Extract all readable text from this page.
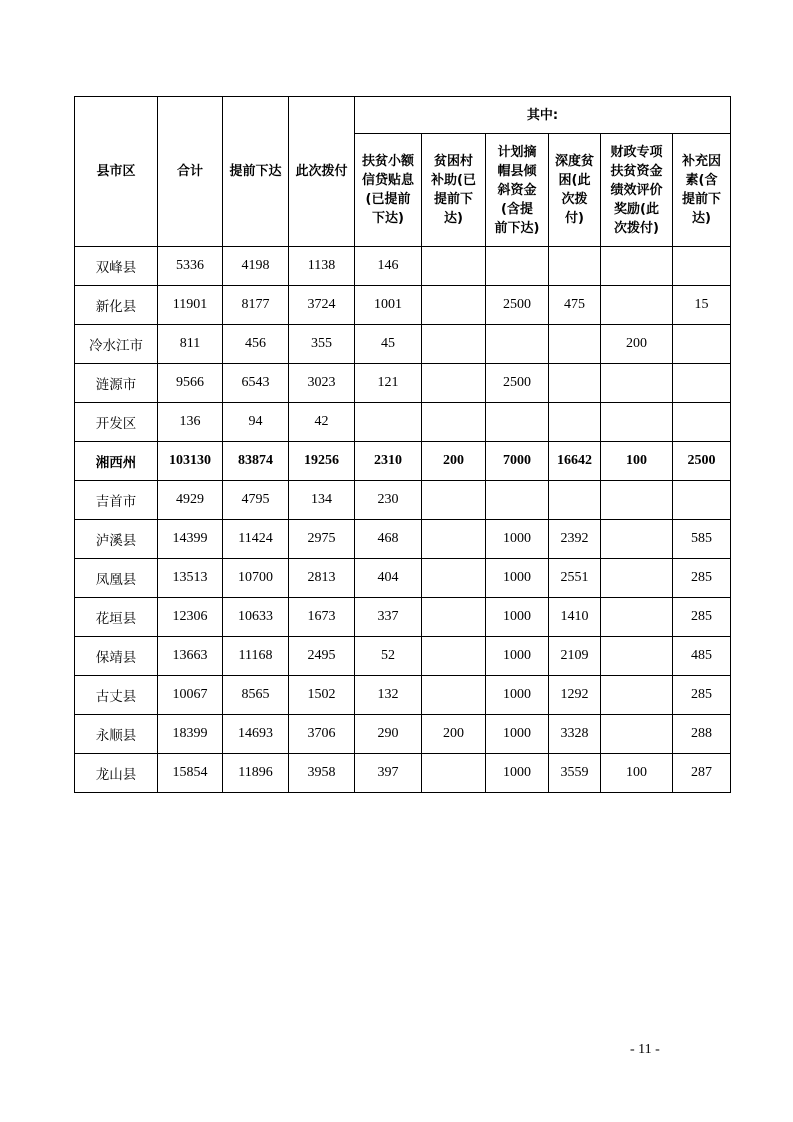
县市区	合计	提前下达	此次拨付	其中:					

				扶贫小额
信贷贴息
(已提前
下达)	贫困村
补助(已
提前下
达)	计划摘
帽县倾
斜资金
(含提
前下达)	深度贫
困(此
次拨
付)	财政专项
扶贫资金
绩效评价
奖励(此
次拨付)	补充因
素(含
提前下
达)

双峰县	5336	4198	1138	146					
新化县	11901	8177	3724	1001		2500	475		15
冷水江市	811	456	355	45				200	
涟源市	9566	6543	3023	121		2500			
开发区	136	94	42						
湘西州	103130	83874	19256	2310	200	7000	16642	100	2500
吉首市	4929	4795	134	230					
泸溪县	14399	11424	2975	468		1000	2392		585
凤凰县	13513	10700	2813	404		1000	2551		285
花垣县	12306	10633	1673	337		1000	1410		285
保靖县	13663	11168	2495	52		1000	2109		485
古丈县	10067	8565	1502	132		1000	1292		285
永顺县	18399	14693	3706	290	200	1000	3328		288
龙山县	15854	11896	3958	397		1000	3559	100	287
- 11 -
